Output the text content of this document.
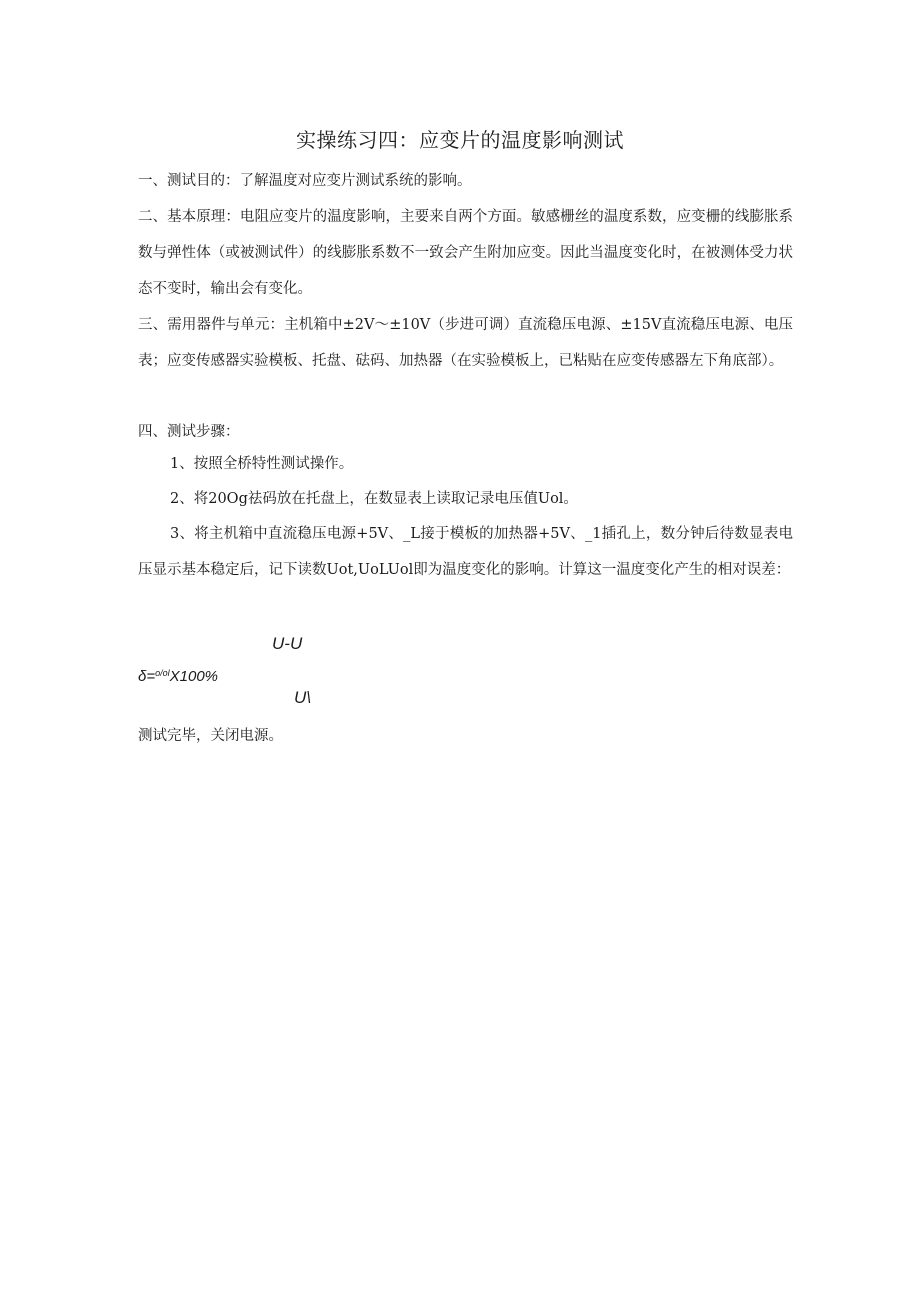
实操练习四：应变片的温度影响测试

一、测试目的：了解温度对应变片测试系统的影响。

二、基本原理：电阻应变片的温度影响，主要来自两个方面。敏感栅丝的温度系数，应变栅的线膨胀系数与弹性体（或被测试件）的线膨胀系数不一致会产生附加应变。因此当温度变化时，在被测体受力状态不变时，输出会有变化。

三、需用器件与单元：主机箱中±2V～±10V（步进可调）直流稳压电源、±15V直流稳压电源、电压表；应变传感器实验模板、托盘、砝码、加热器（在实验模板上，已粘贴在应变传感器左下角底部）。

四、测试步骤：

1、按照全桥特性测试操作。

2、将20Og祛码放在托盘上，在数显表上读取记录电压值Uol。

3、将主机箱中直流稳压电源+5V、_L接于模板的加热器+5V、_1插孔上，数分钟后待数显表电压显示基本稳定后，记下读数Uot,UoLUol即为温度变化的影响。计算这一温度变化产生的相对误差：

U-U
δ=$^{o/ol}$X100%
U\

测试完毕，关闭电源。
